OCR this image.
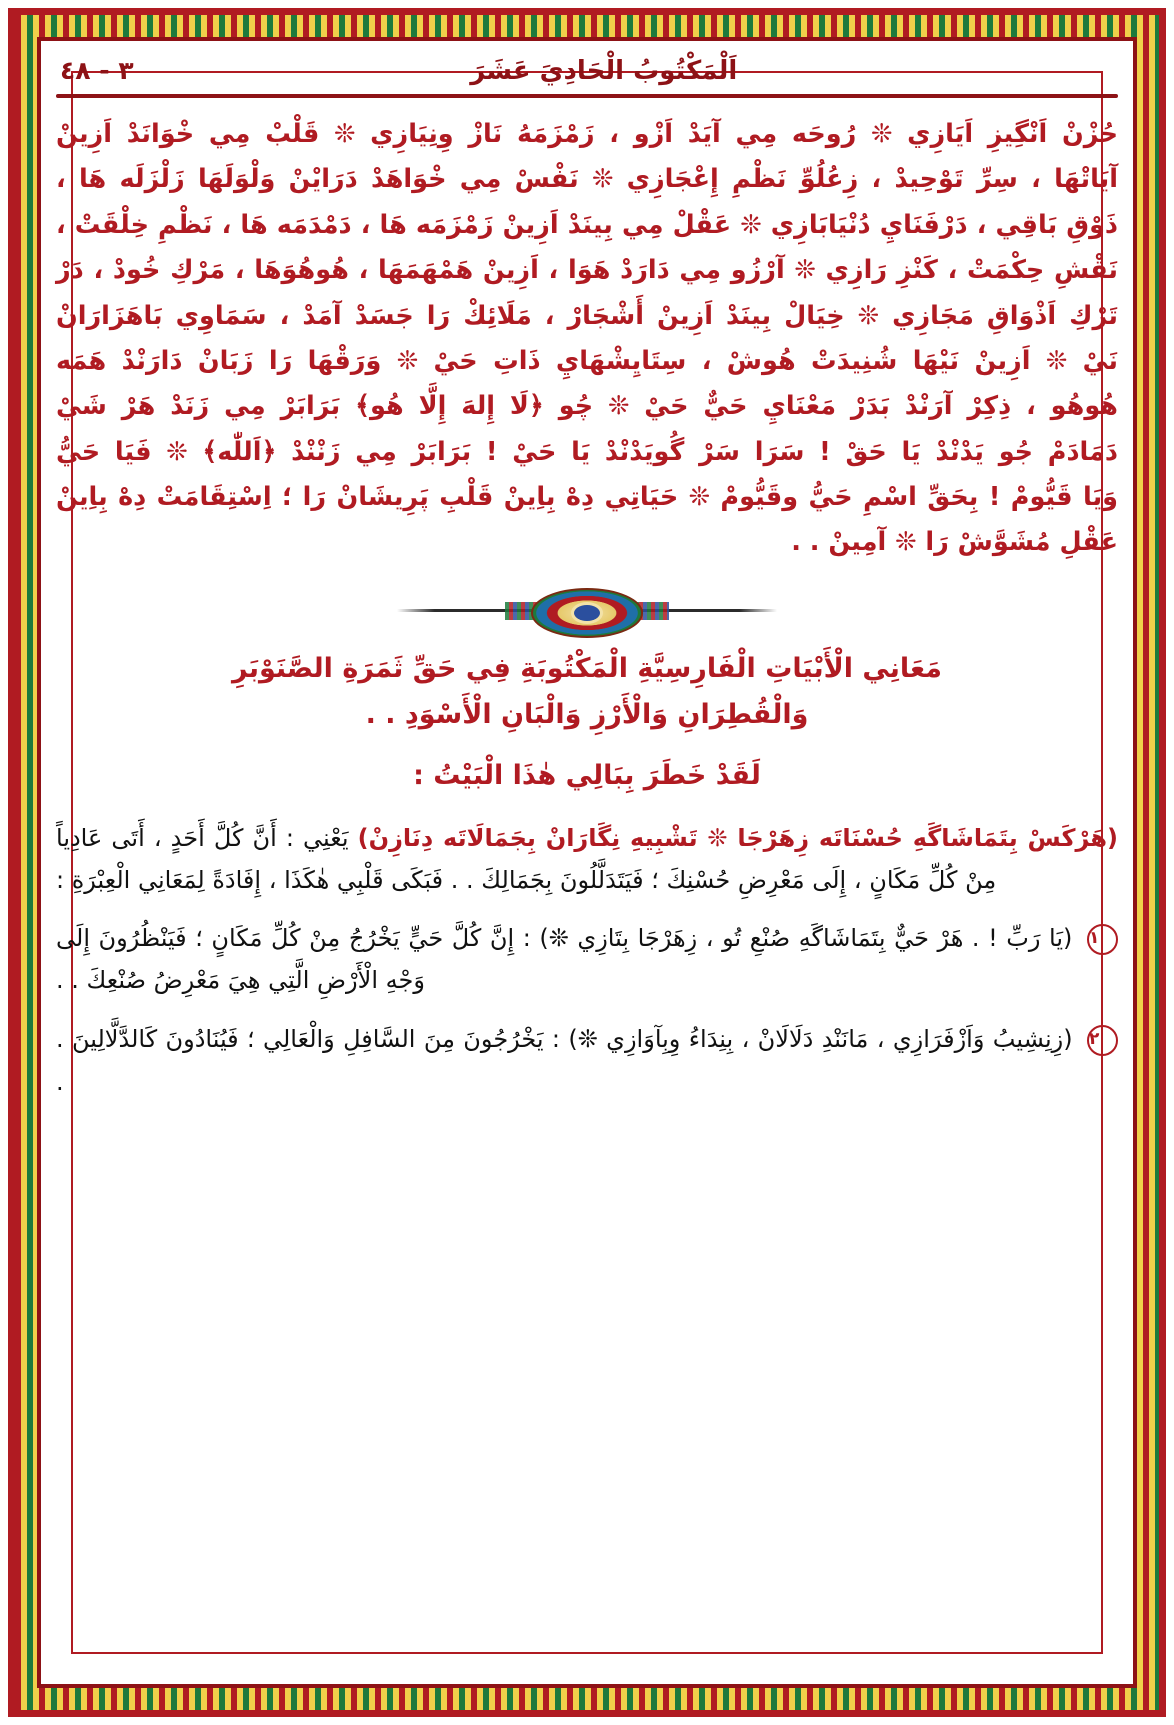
٣ - ٤٨	اَلْمَكْتُوبُ الْحَادِيَ عَشَرَ
حُزْنْ اَنْگِيزِ اَيَازِي ❊ رُوحَه مِي آيَدْ اَزْو ، زَمْزَمَهُ نَازْ وِنِيَازِي ❊ قَلْبْ مِي خْوَانَدْ اَزِينْ
آيَاتْهَا ، سِرِّ تَوْحِيدْ ، زِعُلُوِّ نَظْمِ إِعْجَازِي ❊ نَفْسْ مِي خْوَاهَدْ دَرَايْنْ وَلْوَلَهَا زَلْزَلَه هَا ،
ذَوْقِ بَاقِي ، دَرْفَنَايِ دُنْيَابَازِي ❊ عَقْلْ مِي بِينَدْ اَزِينْ زَمْزَمَه هَا ، دَمْدَمَه هَا ، نَظْمِ خِلْقَتْ ،
نَقْشِ حِكْمَتْ ، كَنْزِ رَازِي ❊ آرْزُو مِي دَارَدْ هَوَا ، اَزِينْ هَمْهَمَهَا ، هُوهُوَهَا ، مَرْكِ خُودْ ، دَرْ
تَرْكِ اَذْوَاقِ مَجَازِي ❊ خِيَالْ بِينَدْ اَزِينْ أَشْجَارْ ، مَلَائِكْ رَا جَسَدْ آمَدْ ، سَمَاوِي بَاهَزَارَانْ
نَيْ ❊ اَزِينْ نَيْهَا شُنِيدَتْ هُوشْ ، سِتَايِشْهَايِ ذَاتِ حَيْ ❊ وَرَقْهَا رَا زَبَانْ دَارَنْدْ هَمَه
هُوهُو ، ذِكِرْ آرَنْدْ بَدَرْ مَعْنَايِ حَيٌّ حَيْ ❊ چُو ﴿لَا إِلهَ إِلَّا هُو﴾ بَرَابَرْ مِي زَنَدْ هَرْ شَيْ
دَمَادَمْ جُو يَدْنْدْ يَا حَقْ ! سَرَا سَرْ گُويَدْنْدْ يَا حَيْ ! بَرَابَرْ مِي زَنْنْدْ ﴿اَللّٰه﴾ ❊ فَيَا حَيُّ
وَيَا قَيُّومْ ! بِحَقِّ اسْمِ حَيُّ وقَيُّومْ ❊ حَيَاتِي دِهْ بِاِينْ قَلْبِ پَرِيشَانْ رَا ؛ اِسْتِقَامَتْ دِهْ بِاِينْ
عَقْلِ مُشَوَّشْ رَا ❊ آمِينْ . .
مَعَانِي الْأَبْيَاتِ الْفَارِسِيَّةِ الْمَكْتُوبَةِ فِي حَقِّ ثَمَرَةِ الصَّنَوْبَرِ
وَالْقُطِرَانِ وَالْأَرْزِ وَالْبَانِ الْأَسْوَدِ . .
لَقَدْ خَطَرَ بِبَالِي هٰذَا الْبَيْتُ :
(هَرْكَسْ بِتَمَاشَاگَهِ حُسْنَاتَه زِهَرْجَا ❊ تَشْبِيهِ نِگَارَانْ بِجَمَالَاتَه دِنَازِنْ) يَعْنِي : أَنَّ كُلَّ أَحَدٍ ، أَتَى عَادِياً مِنْ كُلِّ مَكَانٍ ، إِلَى مَعْرِضِ حُسْنِكَ ؛ فَيَتَدَلَّلُونَ بِجَمَالِكَ . . فَبَكَى قَلْبِي هٰكَذَا ، إِفَادَةً لِمَعَانِي الْعِبْرَةِ :
١ (يَا رَبِّ ! . هَرْ حَيٌّ بِتَمَاشَاگَهِ صُنْعِ تُو ، زِهَرْجَا بِتَازِي ❊) : إِنَّ كُلَّ حَيٍّ يَخْرُجُ مِنْ كُلِّ مَكَانٍ ؛ فَيَنْظُرُونَ إِلَى وَجْهِ الْأَرْضِ الَّتِي هِيَ مَعْرِضُ صُنْعِكَ . .
٢ (زِنِشِيبُ وَاَزْفَرَازِي ، مَانَنْدِ دَلَالَانْ ، بِنِدَاءُ وِبِآوَازِي ❊) : يَخْرُجُونَ مِنَ السَّافِلِ وَالْعَالِي ؛ فَيُنَادُونَ كَالدَّلَّالِينَ . .
